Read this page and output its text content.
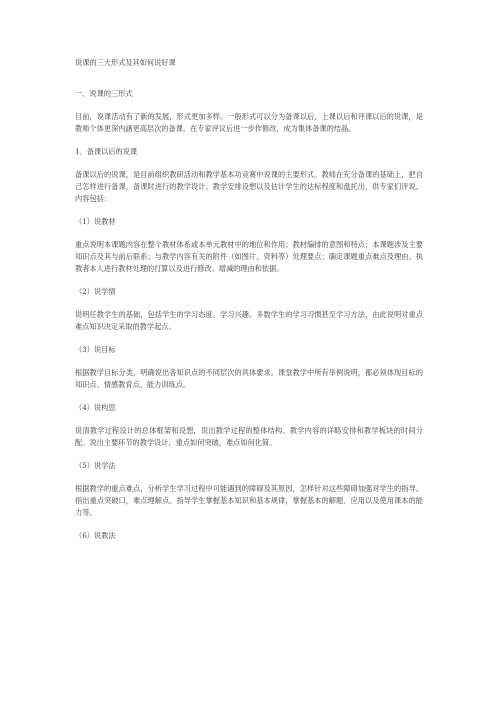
说课的三大形式及其如何说好课

一、说课的三形式

目前，说课活动有了新的发展，形式更加多样。一般形式可以分为备课以后、上课以后和评课以后的说课，是教师个体更深内涵更高层次的备课，在专家评议后进一步作修改，成为集体备课的结晶。

1．备课以后的说课

备课以后的说课，是目前组织教研活动和教学基本功竞赛中说课的主要形式。教师在充分备课的基础上，把自己怎样进行备课，备课时进行的教学设计、教学安排设想以及估计学生的达标程度和盘托出，供专家们评说。内容包括：

（1）说教材

重点说明本课题内容在整个教材体系或本单元教材中的地位和作用；教材编排的意图和特点；本课题涉及主要知识点及其与前后联系；与教学内容有关的附件（如图片、资料等）处理要点；确定课题重点难点及理由。执教者本人进行教材处理的打算以及进行修改、增减的理由和依据。

（2）说学情

说明任教学生的基础，包括学生的学习态度、学习兴趣、多数学生的学习习惯甚至学习方法，由此说明对重点难点知识决定采取的教学起点。

（3）说目标

根据教学目标分类，明确说出各知识点的不同层次的具体要求。课堂教学中所有举例说明，都必须体现目标的知识点、情感教育点、能力训练点。

（4）说构思

说清教学过程设计的总体框架和设想，说出教学过程的整体结构、教学内容的详略安排和教学板块的时间分配。说出主要环节的教学设计，重点如何突破，难点如何化简。

（5）说学法

根据教学的重点难点，分析学生学习过程中可能遇到的障碍及其原因，怎样针对这些障碍加强对学生的指导。指出重点突破口，难点理解点。指导学生掌握基本知识和基本规律，掌握基本的解题、应用以及使用课本的能力等。

（6）说教法
